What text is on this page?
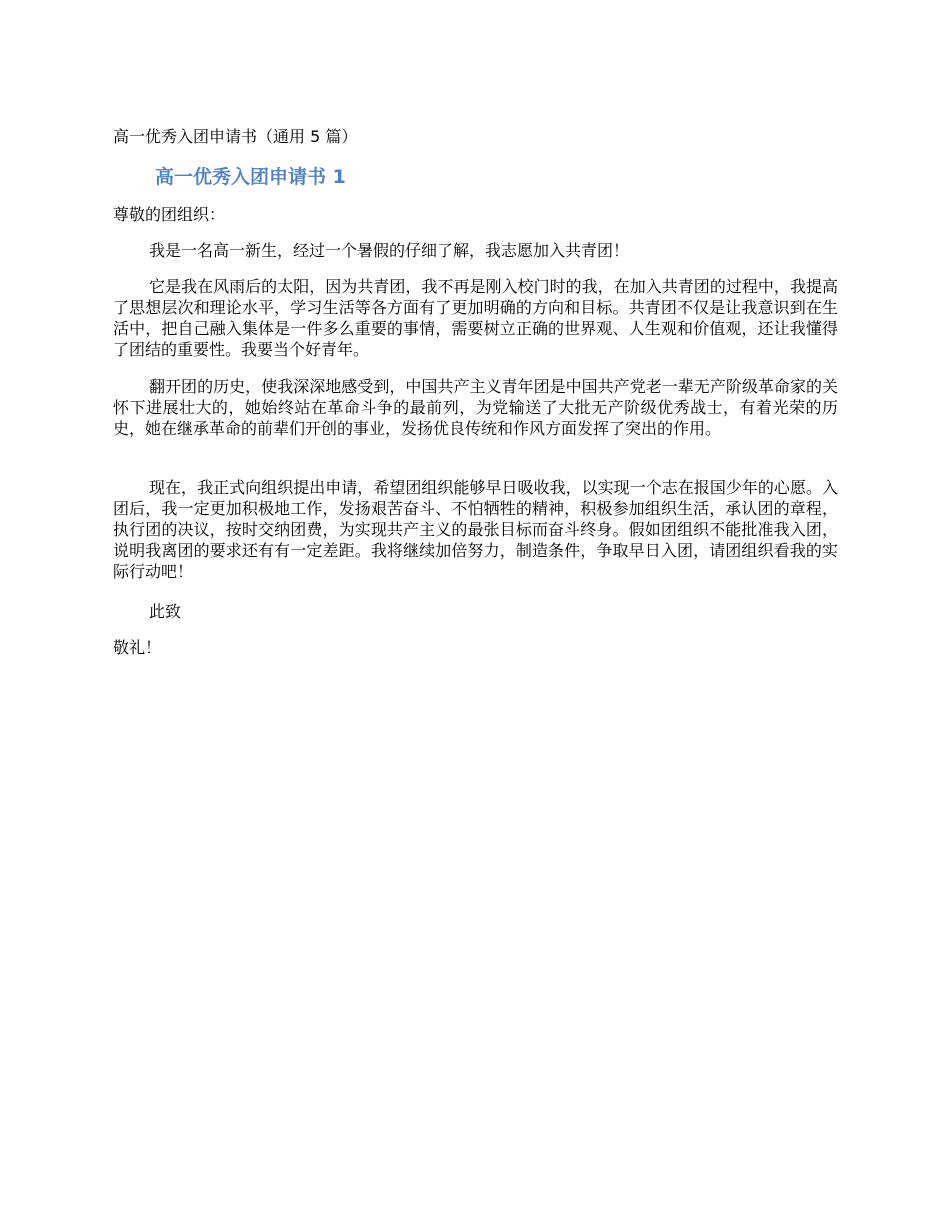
高一优秀入团申请书（通用 5 篇）
高一优秀入团申请书 1

尊敬的团组织：

我是一名高一新生，经过一个暑假的仔细了解，我志愿加入共青团！

它是我在风雨后的太阳，因为共青团，我不再是刚入校门时的我，在加入共青团的过程中，我提高了思想层次和理论水平，学习生活等各方面有了更加明确的方向和目标。共青团不仅是让我意识到在生活中，把自己融入集体是一件多么重要的事情，需要树立正确的世界观、人生观和价值观，还让我懂得了团结的重要性。我要当个好青年。

翻开团的历史，使我深深地感受到，中国共产主义青年团是中国共产党老一辈无产阶级革命家的关怀下进展壮大的，她始终站在革命斗争的最前列，为党输送了大批无产阶级优秀战士，有着光荣的历史，她在继承革命的前辈们开创的事业，发扬优良传统和作风方面发挥了突出的作用。

现在，我正式向组织提出申请，希望团组织能够早日吸收我，以实现一个志在报国少年的心愿。入团后，我一定更加积极地工作，发扬艰苦奋斗、不怕牺牲的精神，积极参加组织生活，承认团的章程，执行团的决议，按时交纳团费，为实现共产主义的最张目标而奋斗终身。假如团组织不能批准我入团，说明我离团的要求还有有一定差距。我将继续加倍努力，制造条件，争取早日入团，请团组织看我的实际行动吧！

此致

敬礼！
